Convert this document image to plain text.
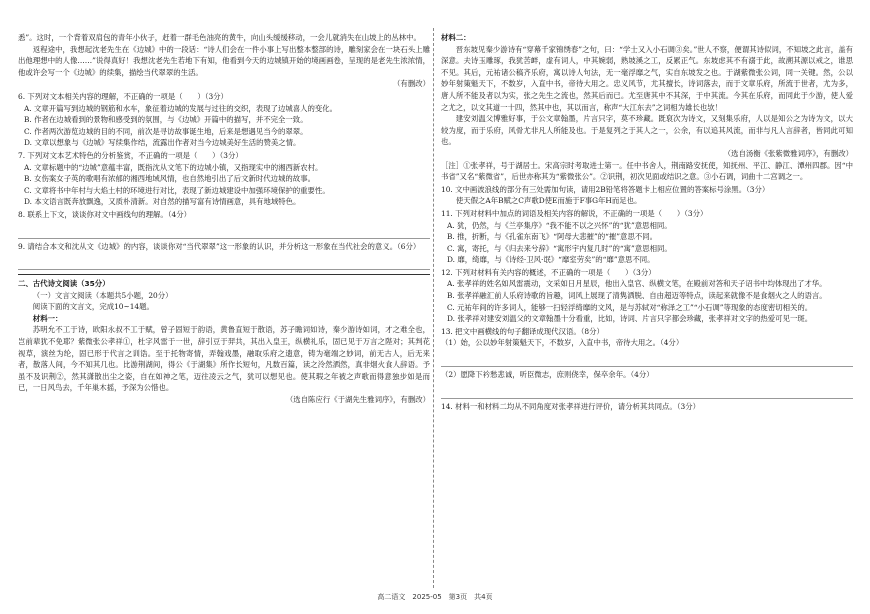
悉”。这时，一个背着双肩包的青年小伙子，赶着一群毛色油亮的黄牛，向山头缓缓移动，一会儿就消失在山坡上的丛林中。

返程途中，我想起沈老先生在《边城》中的一段话：“诗人们会在一件小事上写出整本整部的诗，雕刻家会在一块石头上雕出他理想中的人像……”说得真好！我想沈老先生若地下有知，他看到今天的边城镇开始的境画画卷，呈现的是老先生浓浓情，他或许会写一个《边城》的续集，描绘当代翠翠的生活。

（有删改）

6. 下列对文本相关内容的理解，不正确的一项是（　　）（3分）

A. 文章开篇写到边城的钢筋和水车，象征着边城的发展与过往的交织，表现了边城喜人的变化。

B. 作者在边城看到的景物和感受到的氛围，与《边城》开篇中的描写，并不完全一致。

C. 作者两次游览边城的目的不同，前次是寻访故事诞生地，后来是想遇见当今的翠翠。

D. 文章以想象与《边城》写续集作结，流露出作者对当今边城美好生活的赞美之情。

7. 下列对文本艺术特色的分析鉴赏，不正确的一项是（　　）（3分）

A. 文章标题中的“边城”意蕴丰富，既指沈从文笔下的边城小镇，又指现实中的湘西新农村。

B. 女伤案女子英的歌唱有浓郁的湘西地域风情，也自然地引出了后文新时代边城的故事。

C. 文章将书中年村与大焰土村的环境进行对比，表现了新边城建设中加强环境保护的重要性。

D. 本文语言既奔放飘逸，又质朴清新。对自然的描写富有诗情画意，具有地域特色。

8. 联系上下文，谈谈你对文中画线句的理解。（4分）

9. 请结合本文和沈从文《边城》的内容，谈谈你对“当代翠翠”这一形象的认识，并分析这一形象在当代社会的意义。（6分）

二、古代诗文阅读（35分）

（一）文言文阅读（本题共5小题，20分）

阅读下面的文言文，完成10~14题。

材料一：

苏明允不工于诗，欧阳永叔不工于赋，曾子固短于韵语，黄鲁直短于散语，苏子瞻词如诗，秦少游诗如词，才之难全也，岂前辈犹不免耶？紫微张公孝祥①，杜字风雷于一世，辞引豆于羿共，其出入皇王，纵横礼乐，固已见于万言之陛对；其判花视草，演丝为纶，固已形于代言之训诰。至于托物寄情，弄翰戏墨，融取乐府之遗意，铸为毫端之妙词，前无古人，后无来者，散落人间，今不知其几也。比游荆湖间，得公《于湖集》所作长短句，凡数百篇，读之泠然洒然，真非烟火食人辞语。予虽不及识荆②，然其潇散出尘之姿，自在如神之笔，迈往凌云之气，犹可以想见也。使其瑕之年被之声歌而得意独步如是而已，一日风鸟去，千年巢木摇，予深为公惜也。

（选自陈应行《于湖先生雅词序》，有删改）

材料二：

晋东坡见秦少游诗有“穿幕千家锦绣春”之句，曰：“学士又入小石调③矣。”世人不察，便谓其诗似词，不知坡之此言，盖有深意。夫诗玉雕琢，我犹苦衅，虚有词人，中其婉弱，熟坡溪之工，反累正气。东坡虑其不有溺于此，故溯其源以戒之，谁思不见。其后，元祐诸公稿齐乐府，寓以诗人句法，无一毫浮靡之气，实自东坡发之也。于湖紫微张公词，同一关键。然，公以妙年射策魁天下，不数岁，入直中书，帝待大用之。忠义风节，尤其擅长，诗词落去，而于文章乐府，所流于世者，尤为多，唐人所不能及者以为实，张之先生之流也，然其后而已。尤至唐其中不其深，于中其流。今其在乐府，而同此于少游，使人爱之尤之，以文其道一十四，然其中也，其以而言，称声“大江东去”之词相为雄长也欤！

建安刘温父博雅好事，于公文章翰墨，片言只字，莫不珍藏。既裒次为诗文，又刻集乐府，人以是知公之为诗为文，以大较为度，而于乐府，风骨尤非凡人所能及也。于是复列之于其人之一，公余，有以追其风流，而非与凡人言辞者，皆同此可知也。

（选自汤衡《张紫微雅词序》，有删改）

［注］①张孝祥，号于湖居士。宋高宗时考取进士第一。任中书舍人，荆南路安抚使，知抚州、平江、静江、潭州四郡。因“中书省”又名“紫微省”，后世亦称其为“紫微张公”。②识荆，初次见面或结识之意。③小石调，词曲十二宫调之一。

10. 文中画波浪线的部分有三处需加句读，请用2B铅笔将答题卡上相应位置的答案标号涂黑。（3分）

使天假之A年B赋之C声歌D使E而施于F事G年H而足也。

11. 下列对材料中加点的词语及相关内容的解说，不正确的一项是（　　）（3分）

A. 犹，仍然，与《兰亭集序》“我不能不以之兴怀”的“犹”意思相同。

B. 推，折断，与《孔雀东南飞》“阿母大悲摧”的“摧”意思不同。

C. 寓，寄托，与《归去来兮辞》“寓形宇内复几时”的“寓”意思相同。

D. 靡，绮靡，与《诗经·卫风·氓》“靡室劳矣”的“靡”意思不同。

12. 下列对材料有关内容的概述，不正确的一项是（　　）（3分）

A. 张孝祥的姓名如风雷震动，文采如日月星辰，他出入皇官、纵横文笔，在殿前对答和天子诏书中均体现出了才华。

B. 张孝祥融汇前人乐府诗歌的旨趣，词风上展现了清隽洒脱、自由超迈等特点，读起来就像不是食烟火之人的语言。

C. 元祐年间的许多词人，能够一扫轻浮绮靡的文风，是与苏轼对“称泽之工”“小石调”等现象的态度密切相关的。

D. 张孝祥对建安刘温父的文章翰墨十分看重，比如，诗词、片言只字都会珍藏，张孝祥对文字的热爱可见一斑。

13. 把文中画横线的句子翻译成现代汉语。（8分）

（1）始，公以妙年射策魁天下，不数岁，入直中书，帝待大用之。（4分）

（2）愿降下衿愁悲诚，听臣微志，庶则侥幸，保卒余年。（4分）

14. 材料一和材料二均从不同角度对张孝祥进行评价，请分析其共同点。（3分）

高二语文　2025-05　第3页　共4页
